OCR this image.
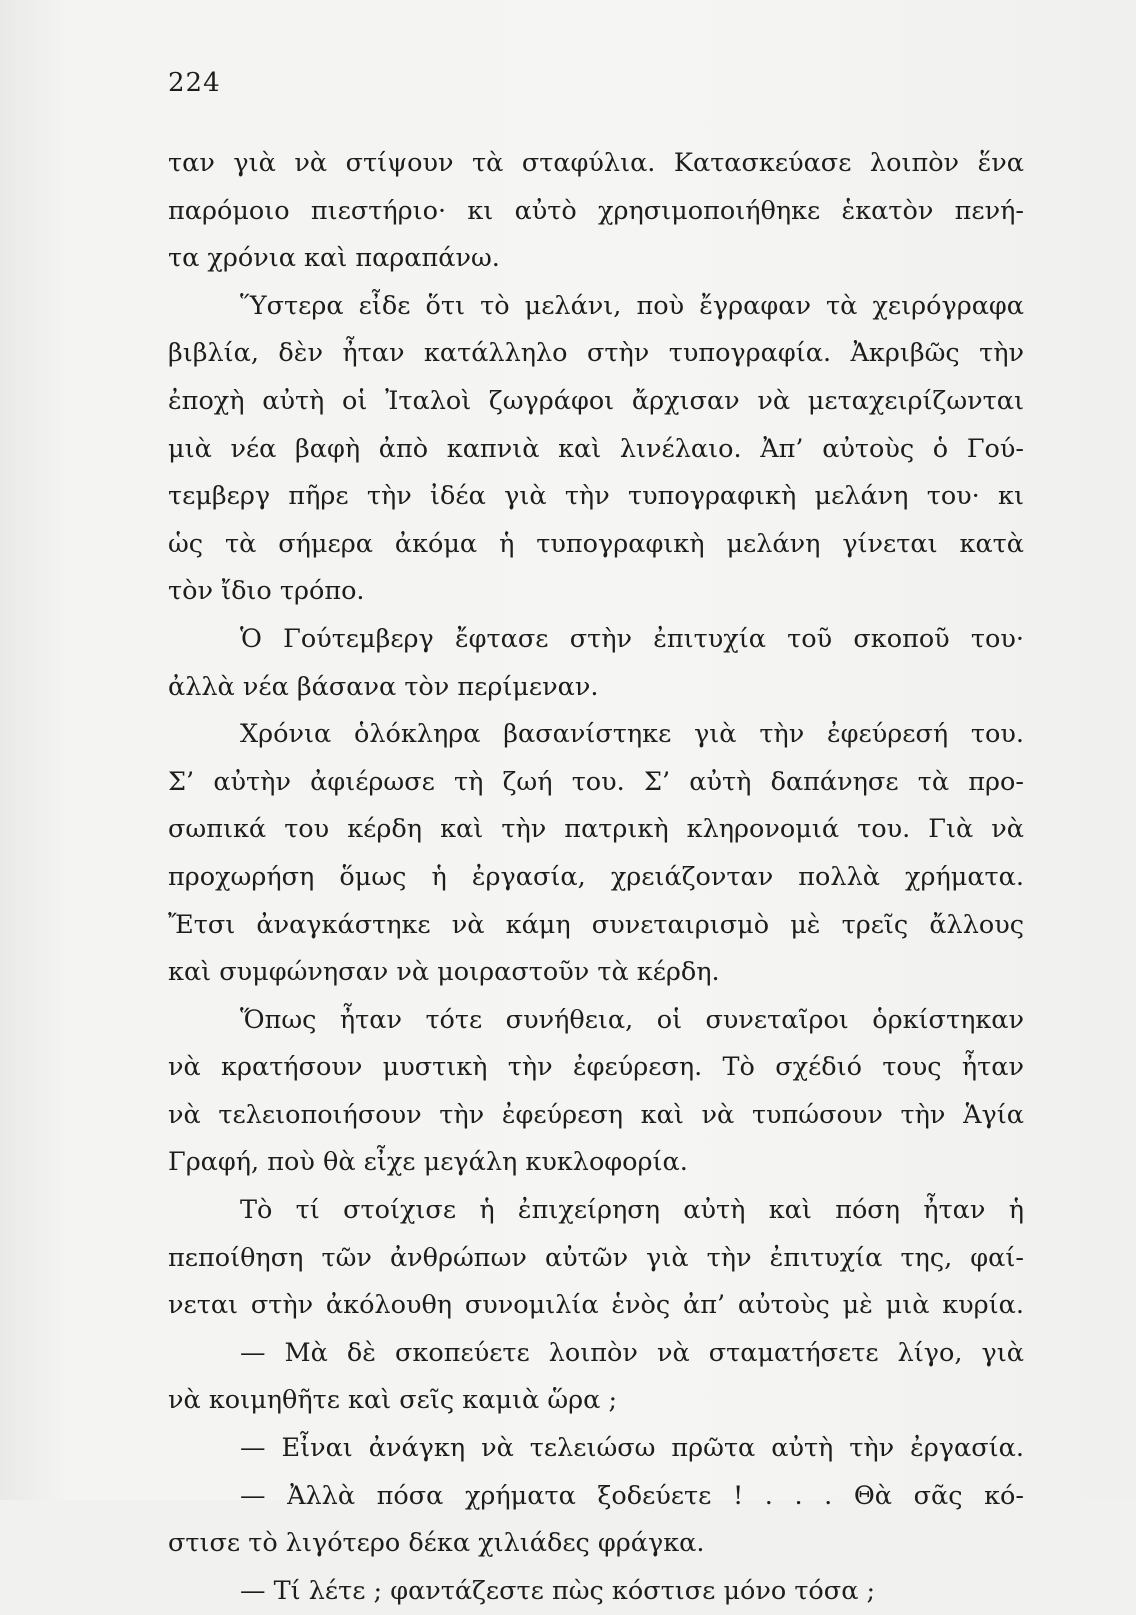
224
ταν γιὰ νὰ στίψουν τὰ σταφύλια. Κατασκεύασε λοιπὸν ἕνα
παρόμοιο πιεστήριο· κι αὐτὸ χρησιμοποιήθηκε ἑκατὸν πενή-
τα χρόνια καὶ παραπάνω.
Ὕστερα εἶδε ὅτι τὸ μελάνι, ποὺ ἔγραφαν τὰ χειρόγραφα
βιβλία, δὲν ἦταν κατάλληλο στὴν τυπογραφία. Ἀκριβῶς τὴν
ἐποχὴ αὐτὴ οἱ Ἰταλοὶ ζωγράφοι ἄρχισαν νὰ μεταχειρίζωνται
μιὰ νέα βαφὴ ἀπὸ καπνιὰ καὶ λινέλαιο. Ἀπ’ αὐτοὺς ὁ Γού-
τεμβεργ πῆρε τὴν ἰδέα γιὰ τὴν τυπογραφικὴ μελάνη του· κι
ὡς τὰ σήμερα ἀκόμα ἡ τυπογραφικὴ μελάνη γίνεται κατὰ
τὸν ἴδιο τρόπο.
Ὁ Γούτεμβεργ ἔφτασε στὴν ἐπιτυχία τοῦ σκοποῦ του·
ἀλλὰ νέα βάσανα τὸν περίμεναν.
Χρόνια ὁλόκληρα βασανίστηκε γιὰ τὴν ἐφεύρεσή του.
Σ’ αὐτὴν ἀφιέρωσε τὴ ζωή του. Σ’ αὐτὴ δαπάνησε τὰ προ-
σωπικά του κέρδη καὶ τὴν πατρικὴ κληρονομιά του. Γιὰ νὰ
προχωρήση ὅμως ἡ ἐργασία, χρειάζονταν πολλὰ χρήματα.
Ἔτσι ἀναγκάστηκε νὰ κάμη συνεταιρισμὸ μὲ τρεῖς ἄλλους
καὶ συμφώνησαν νὰ μοιραστοῦν τὰ κέρδη.
Ὅπως ἦταν τότε συνήθεια, οἱ συνεταῖροι ὁρκίστηκαν
νὰ κρατήσουν μυστικὴ τὴν ἐφεύρεση. Τὸ σχέδιό τους ἦταν
νὰ τελειοποιήσουν τὴν ἐφεύρεση καὶ νὰ τυπώσουν τὴν Ἁγία
Γραφή, ποὺ θὰ εἶχε μεγάλη κυκλοφορία.
Τὸ τί στοίχισε ἡ ἐπιχείρηση αὐτὴ καὶ πόση ἦταν ἡ
πεποίθηση τῶν ἀνθρώπων αὐτῶν γιὰ τὴν ἐπιτυχία της, φαί-
νεται στὴν ἀκόλουθη συνομιλία ἑνὸς ἀπ’ αὐτοὺς μὲ μιὰ κυρία.
— Μὰ δὲ σκοπεύετε λοιπὸν νὰ σταματήσετε λίγο, γιὰ
νὰ κοιμηθῆτε καὶ σεῖς καμιὰ ὥρα ;
— Εἶναι ἀνάγκη νὰ τελειώσω πρῶτα αὐτὴ τὴν ἐργασία.
— Ἀλλὰ πόσα χρήματα ξοδεύετε ! . . . Θὰ σᾶς κό-
στισε τὸ λιγότερο δέκα χιλιάδες φράγκα.
— Τί λέτε ; φαντάζεστε πὼς κόστισε μόνο τόσα ;
